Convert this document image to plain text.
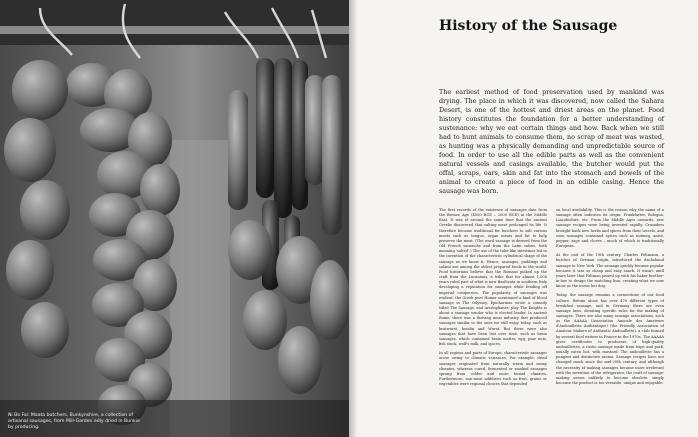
Ni Bo Fai: Maata butchers, Bunkynshire, a collection of artisanal sausages, from Mill-Garden edly dried in Bunkie by producing.
History of the Sausage
The earliest method of food preservation used by mankind was drying. The place in which it was discovered, now called the Sahara Desert, is one of the hottest and driest areas on the planet. Food history constitutes the foundation for a better understanding of sustenance: why we eat certain things and how. Back when we still had to hunt animals to consume them, no scrap of meat was wasted, as hunting was a physically demanding and unpredictable source of food. In order to use all the edible parts as well as the convenient natural vessels and casings available, the butcher would put the offal, scraps, ears, skin and fat into the stomach and bowels of the animal to create a piece of food in an edible casing. Hence the sausage was born.

The first records of the existence of sausages date from the Bronze Age (4500 BCE – 2000 BCE) in the Middle East. It was at around the same time that the ancient Greeks discovered that salting meat prolonged its life. It therefore became traditional for butchers to salt various meats such as tongue, organ meats and fat to help preserve the meat. (The word sausage is derived from the Old French saussiche and from the Latin salsus, both meaning 'salted'.) The use of the tube-like intestines led to the invention of the characteristic cylindrical shape of the sausage as we know it. Hence, sausages, puddings and salami are among the oldest prepared foods in the world. Food historians believe that the Romans picked up the craft from the Lucanians, a tribe that for almost 1,000 years ruled part of what is now Basilicata in southern Italy developing a reputation for sausages while fending off imperial conquerors. The popularity of sausages was evident: the Greek poet Homer mentioned a kind of blood sausage in The Odyssey, Epicharmus wrote a comedy titled The Sausage, and Aristophanes' play The Knights is about a sausage vendor who is elected leader. In ancient Rome, there was a thriving meat industry that produced sausages similar to the ones we still enjoy today, such as bratwurst, boudin and Wurst. But there were also sausages that have been lost over time, such as brain sausages, which contained brain matter, egg, pine nuts, fish stock, wolf's milk, and spices.

In all regions and parts of Europe, characteristic sausages arose owing to climatic variances. For example, dried sausages originated from naturally warm and sunny climates, whereas cured, fermented or smoked sausages sprang from colder and more humid climates. Furthermore, non-meat additives such as fruit, grains or vegetables were regional choices that depended

on local availability. This is the reason why the name of a sausage often indicates its origin: Frankfurter, Bologna, Lincolnshire, etc. From the Middle Ages onwards, new sausage recipes were being invented rapidly. Crusaders brought back new herbs and spices from their travels, and soon sausages contained spices such as nutmeg, anise, pepper, sage and cloves – much of which is traditionally European.

At the end of the 19th century, Charles Feltmann, a butcher of German origin, introduced the dachshund sausage to New York. The sausage quickly became popular because it was so cheap and easy snack. It wasn't until years later that Feltman paired up with his baker brother-in-law to design the matching bun, creating what we now know as the iconic hot dog.

Today, the sausage remains a cornerstone of our food culture. Britain alone has over 470 different types of breakfast sausage, and in Germany there are even sausage laws, dictating specific rules for the making of sausages. There are also many sausage associations, such as the AAAAA (Association Amicale des Amateurs d'Andouillette Authentique) (the Friendly Association of Amateur Makers of Authentic Andouillette), a club formed by several food writers in France in the 1970s. The AAAAA gives certificates to producers of high-quality andouillettes, a rustic sausage made from tripe and pork, usually eaten hot, with mustard. The andouillette has a pungent and distinctive aroma. Sausage recipes have not changed much since the mid-20th century, and although the necessity of making sausages became more irrelevant with the invention of the refrigerator, the craft of sausage-making seems unlikely to become obsolete, simply because the product is too versatile, unique and enjoyable.
